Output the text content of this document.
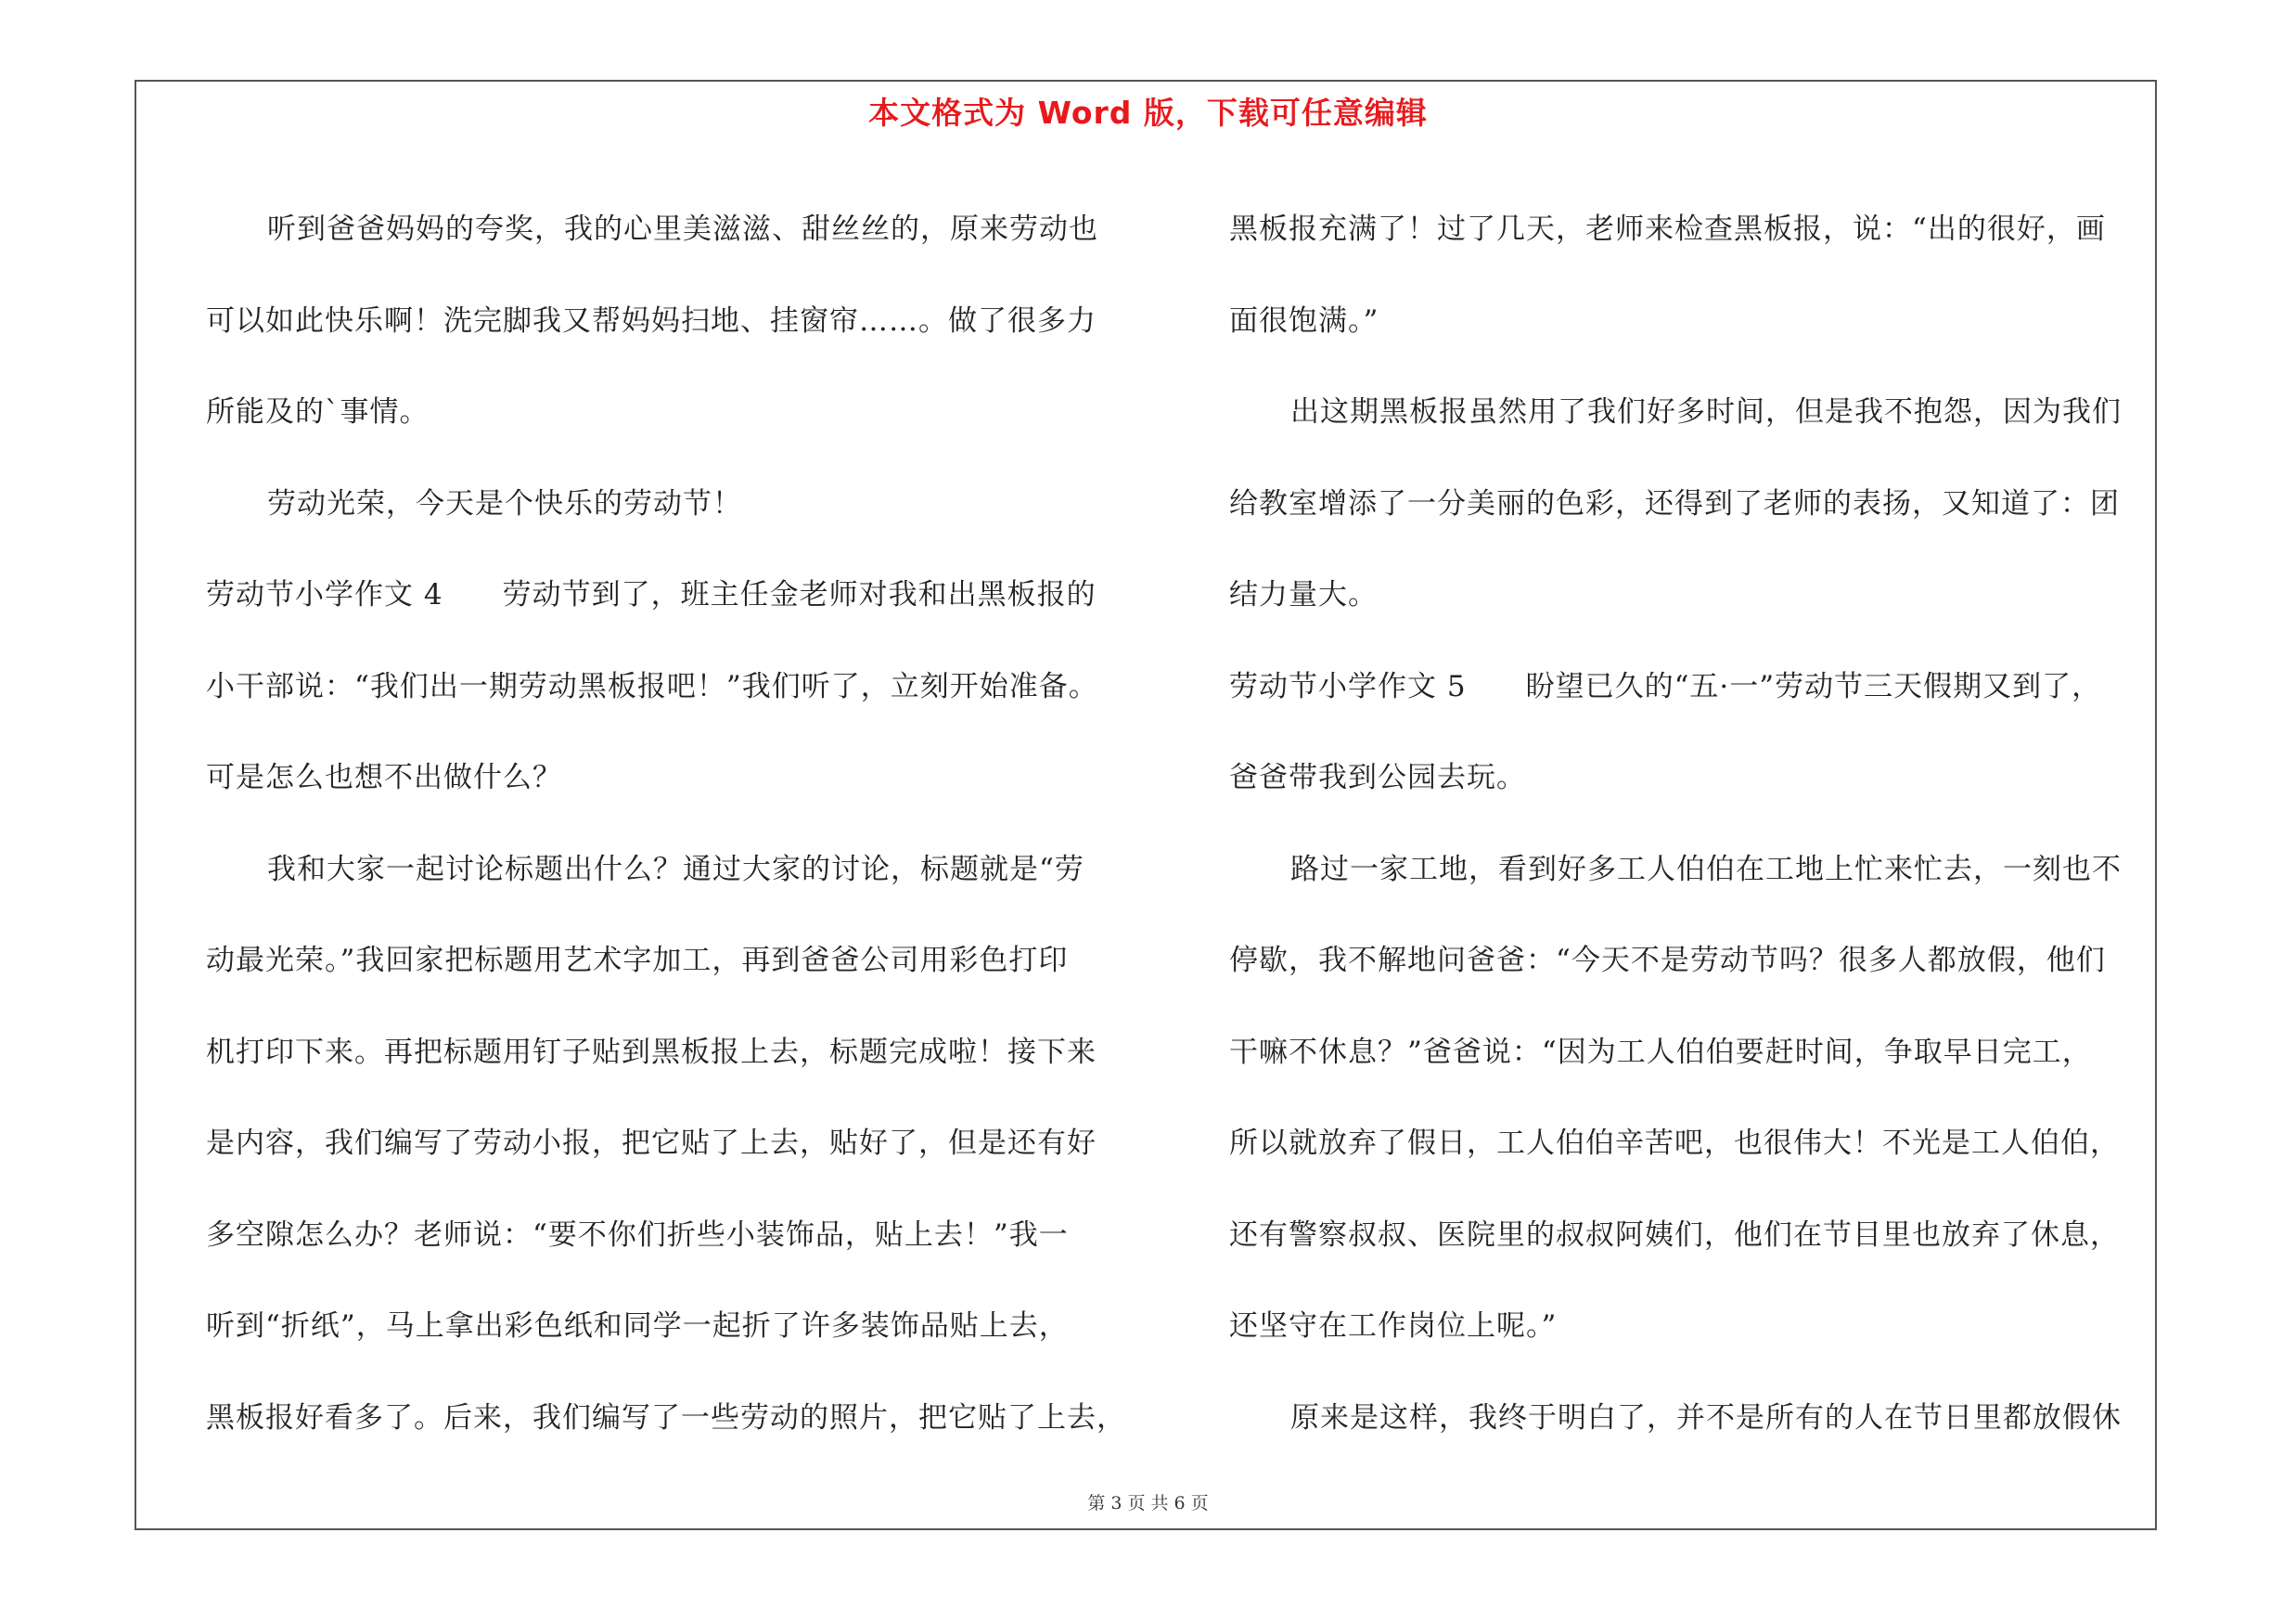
本文格式为 Word 版，下载可任意编辑
听到爸爸妈妈的夸奖，我的心里美滋滋、甜丝丝的，原来劳动也
可以如此快乐啊！洗完脚我又帮妈妈扫地、挂窗帘……。做了很多力
所能及的`事情。
劳动光荣，今天是个快乐的劳动节！
劳动节小学作文 4　　劳动节到了，班主任金老师对我和出黑板报的
小干部说：“我们出一期劳动黑板报吧！”我们听了，立刻开始准备。
可是怎么也想不出做什么？
我和大家一起讨论标题出什么？通过大家的讨论，标题就是“劳
动最光荣。”我回家把标题用艺术字加工，再到爸爸公司用彩色打印
机打印下来。再把标题用钉子贴到黑板报上去，标题完成啦！接下来
是内容，我们编写了劳动小报，把它贴了上去，贴好了，但是还有好
多空隙怎么办？老师说：“要不你们折些小装饰品，贴上去！”我一
听到“折纸”，马上拿出彩色纸和同学一起折了许多装饰品贴上去，
黑板报好看多了。后来，我们编写了一些劳动的照片，把它贴了上去，
黑板报充满了！过了几天，老师来检查黑板报，说：“出的很好，画
面很饱满。”
出这期黑板报虽然用了我们好多时间，但是我不抱怨，因为我们
给教室增添了一分美丽的色彩，还得到了老师的表扬，又知道了：团
结力量大。
劳动节小学作文 5　　盼望已久的“五·一”劳动节三天假期又到了，
爸爸带我到公园去玩。
路过一家工地，看到好多工人伯伯在工地上忙来忙去，一刻也不
停歇，我不解地问爸爸：“今天不是劳动节吗？很多人都放假，他们
干嘛不休息？”爸爸说：“因为工人伯伯要赶时间，争取早日完工，
所以就放弃了假日，工人伯伯辛苦吧，也很伟大！不光是工人伯伯，
还有警察叔叔、医院里的叔叔阿姨们，他们在节目里也放弃了休息，
还坚守在工作岗位上呢。”
原来是这样，我终于明白了，并不是所有的人在节日里都放假休
第 3 页 共 6 页
